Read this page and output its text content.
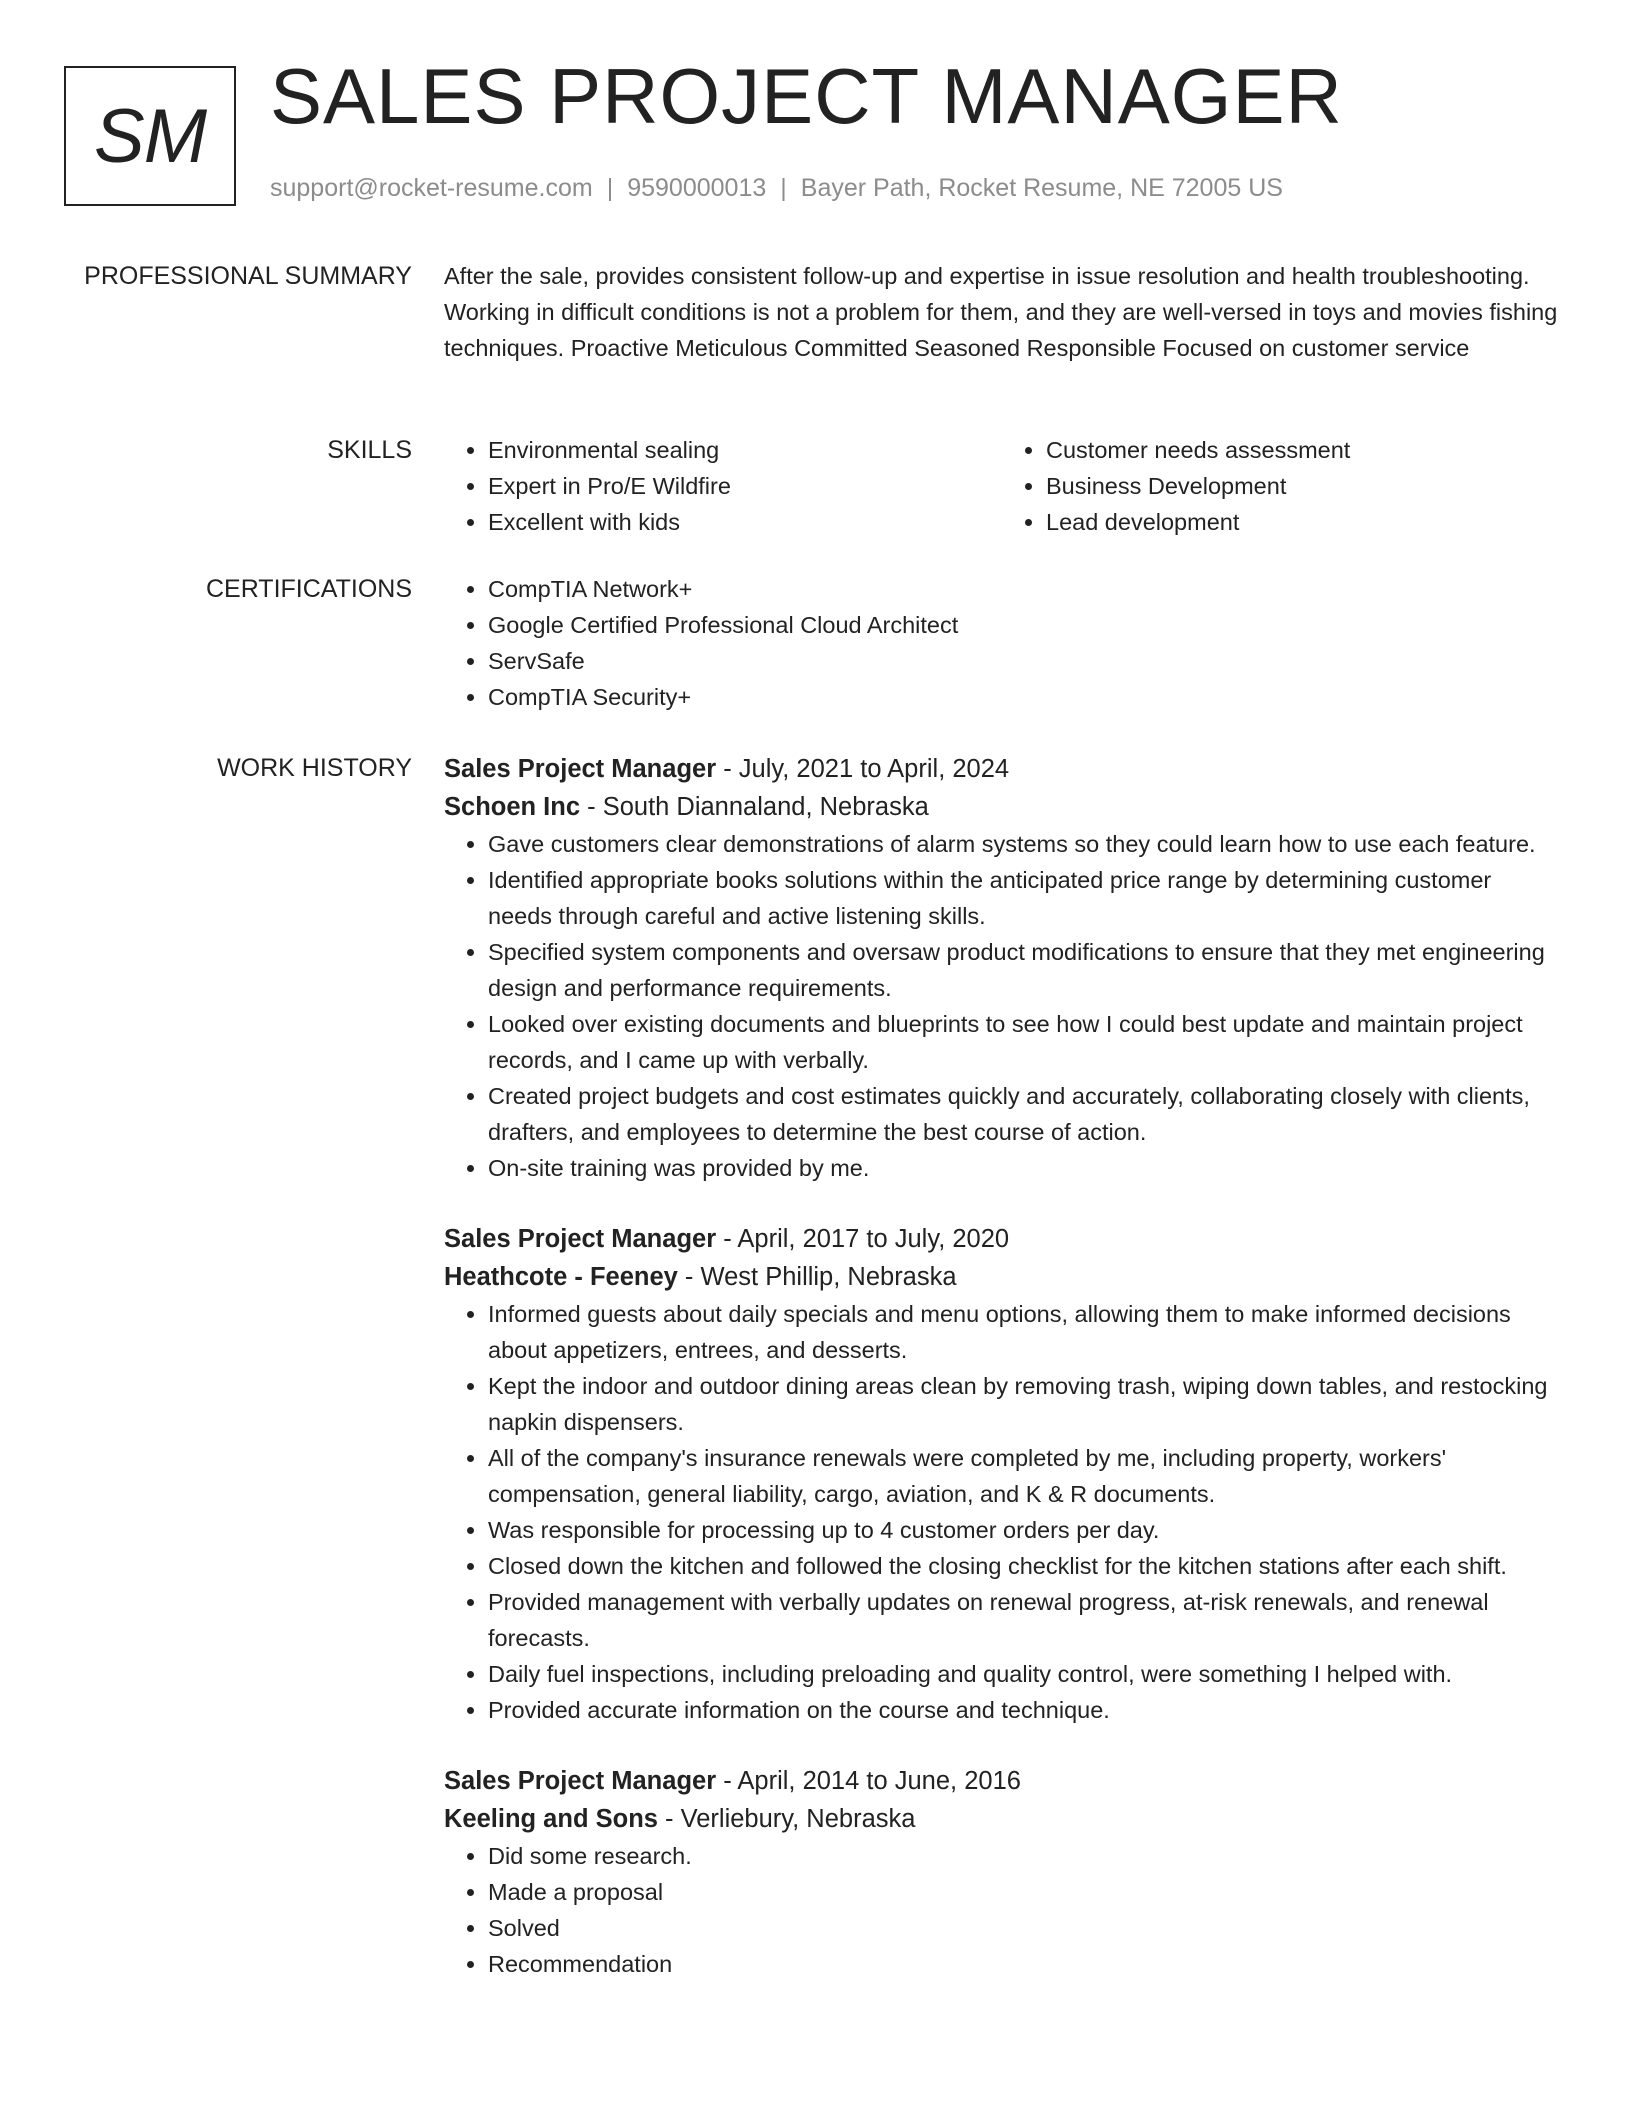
SM SALES PROJECT MANAGER
support@rocket-resume.com | 9590000013 | Bayer Path, Rocket Resume, NE 72005 US
PROFESSIONAL SUMMARY After the sale, provides consistent follow-up and expertise in issue resolution and health troubleshooting. Working in difficult conditions is not a problem for them, and they are well-versed in toys and movies fishing techniques. Proactive Meticulous Committed Seasoned Responsible Focused on customer service

SKILLS	• Environmental sealing
• Expert in Pro/E Wildfire
• Excellent with kids
• Customer needs assessment
• Business Development
• Lead development
CERTIFICATIONS	• CompTIA Network+
• Google Certified Professional Cloud Architect
• ServSafe
• CompTIA Security+
WORK HISTORY Sales Project Manager - July, 2021 to April, 2024
Schoen Inc - South Diannaland, Nebraska
• Gave customers clear demonstrations of alarm systems so they could learn how to use each feature.
• Identified appropriate books solutions within the anticipated price range by determining customer needs through careful and active listening skills.
• Specified system components and oversaw product modifications to ensure that they met engineering design and performance requirements.
• Looked over existing documents and blueprints to see how I could best update and maintain project records, and I came up with verbally.
• Created project budgets and cost estimates quickly and accurately, collaborating closely with clients, drafters, and employees to determine the best course of action.
• On-site training was provided by me.
Sales Project Manager - April, 2017 to July, 2020
Heathcote - Feeney - West Phillip, Nebraska
• Informed guests about daily specials and menu options, allowing them to make informed decisions about appetizers, entrees, and desserts.
• Kept the indoor and outdoor dining areas clean by removing trash, wiping down tables, and restocking napkin dispensers.
• All of the company's insurance renewals were completed by me, including property, workers' compensation, general liability, cargo, aviation, and K & R documents.
• Was responsible for processing up to 4 customer orders per day.
• Closed down the kitchen and followed the closing checklist for the kitchen stations after each shift.
• Provided management with verbally updates on renewal progress, at-risk renewals, and renewal forecasts.
• Daily fuel inspections, including preloading and quality control, were something I helped with.
• Provided accurate information on the course and technique.
Sales Project Manager - April, 2014 to June, 2016
Keeling and Sons - Verliebury, Nebraska
• Did some research.
• Made a proposal
• Solved
• Recommendation
